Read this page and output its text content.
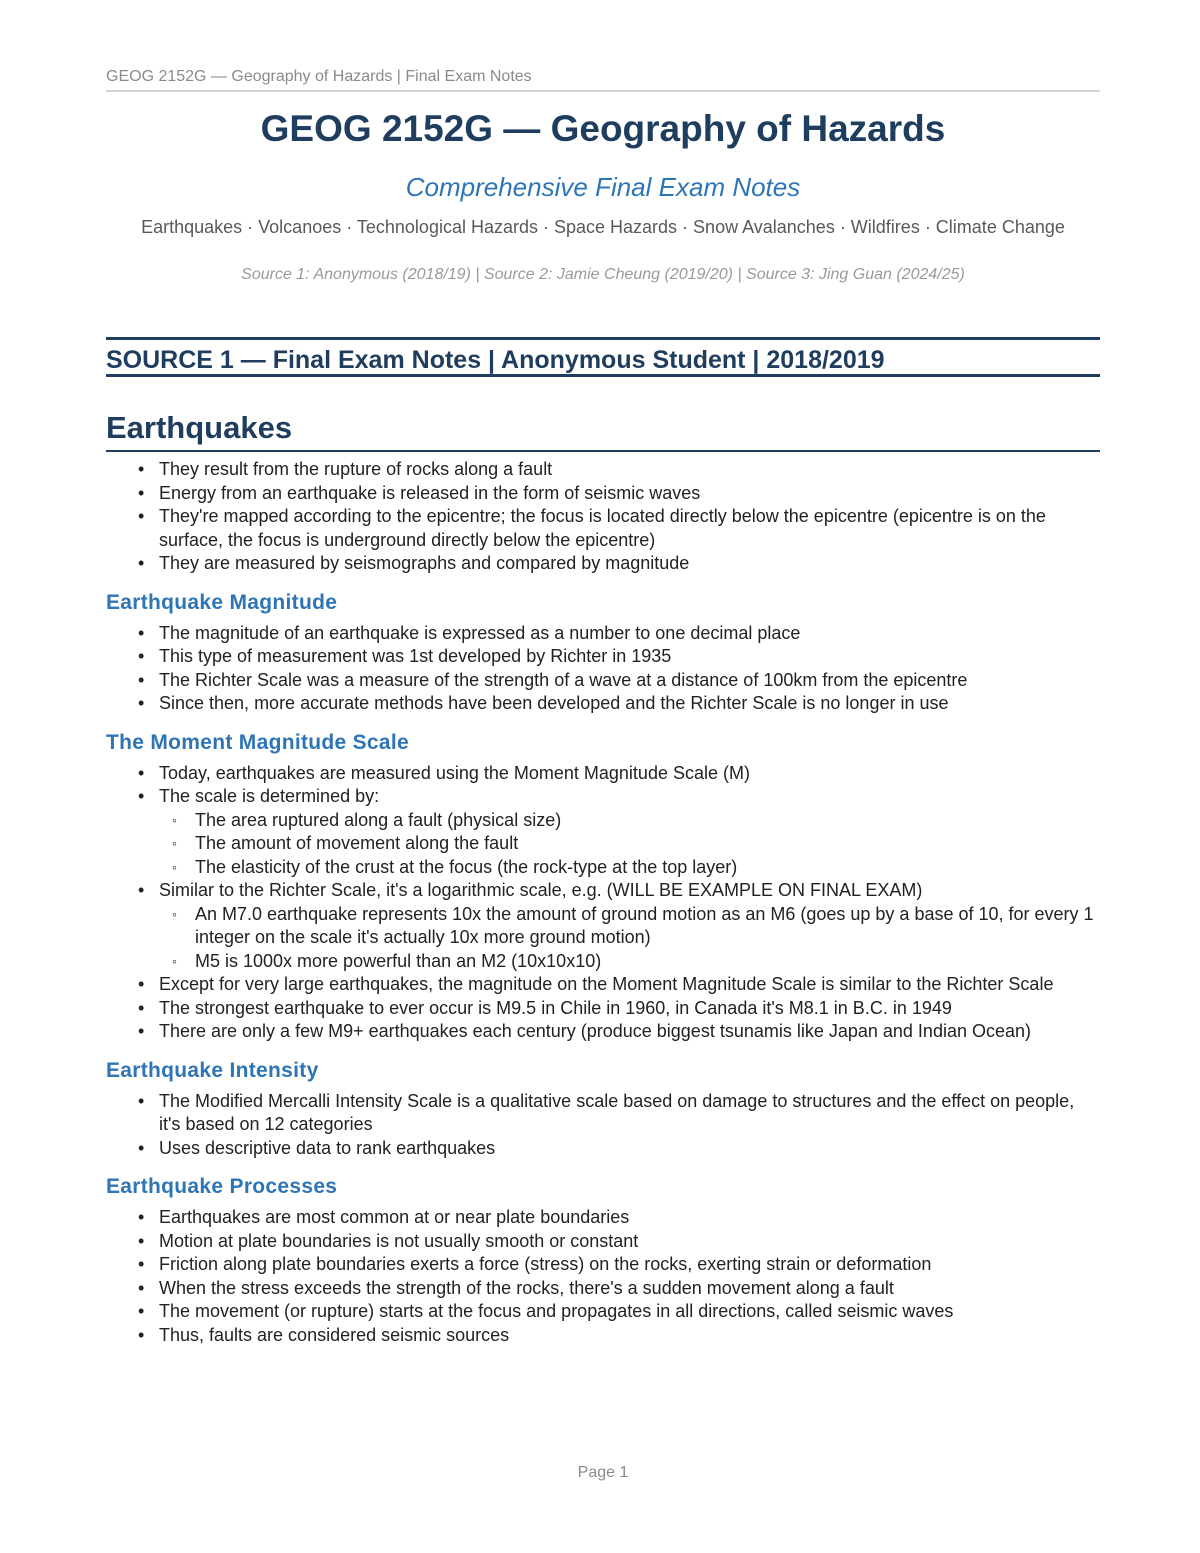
GEOG 2152G — Geography of Hazards | Final Exam Notes
GEOG 2152G — Geography of Hazards

Comprehensive Final Exam Notes

Earthquakes · Volcanoes · Technological Hazards · Space Hazards · Snow Avalanches · Wildfires · Climate Change

Source 1: Anonymous (2018/19) | Source 2: Jamie Cheung (2019/20) | Source 3: Jing Guan (2024/25)

SOURCE 1 — Final Exam Notes | Anonymous Student | 2018/2019
Earthquakes
• They result from the rupture of rocks along a fault
• Energy from an earthquake is released in the form of seismic waves
• They're mapped according to the epicentre; the focus is located directly below the epicentre (epicentre is on the surface, the focus is underground directly below the epicentre)
• They are measured by seismographs and compared by magnitude
Earthquake Magnitude
• The magnitude of an earthquake is expressed as a number to one decimal place
• This type of measurement was 1st developed by Richter in 1935
• The Richter Scale was a measure of the strength of a wave at a distance of 100km from the epicentre
• Since then, more accurate methods have been developed and the Richter Scale is no longer in use
The Moment Magnitude Scale
• Today, earthquakes are measured using the Moment Magnitude Scale (M)
• The scale is determined by:
◦ The area ruptured along a fault (physical size)
◦ The amount of movement along the fault
◦ The elasticity of the crust at the focus (the rock-type at the top layer)
• Similar to the Richter Scale, it's a logarithmic scale, e.g. (WILL BE EXAMPLE ON FINAL EXAM)
◦ An M7.0 earthquake represents 10x the amount of ground motion as an M6 (goes up by a base of 10, for every 1 integer on the scale it's actually 10x more ground motion)
◦ M5 is 1000x more powerful than an M2 (10x10x10)
• Except for very large earthquakes, the magnitude on the Moment Magnitude Scale is similar to the Richter Scale
• The strongest earthquake to ever occur is M9.5 in Chile in 1960, in Canada it's M8.1 in B.C. in 1949
• There are only a few M9+ earthquakes each century (produce biggest tsunamis like Japan and Indian Ocean)
Earthquake Intensity
• The Modified Mercalli Intensity Scale is a qualitative scale based on damage to structures and the effect on people, it's based on 12 categories
• Uses descriptive data to rank earthquakes
Earthquake Processes
• Earthquakes are most common at or near plate boundaries
• Motion at plate boundaries is not usually smooth or constant
• Friction along plate boundaries exerts a force (stress) on the rocks, exerting strain or deformation
• When the stress exceeds the strength of the rocks, there's a sudden movement along a fault
• The movement (or rupture) starts at the focus and propagates in all directions, called seismic waves
• Thus, faults are considered seismic sources
Page 1
